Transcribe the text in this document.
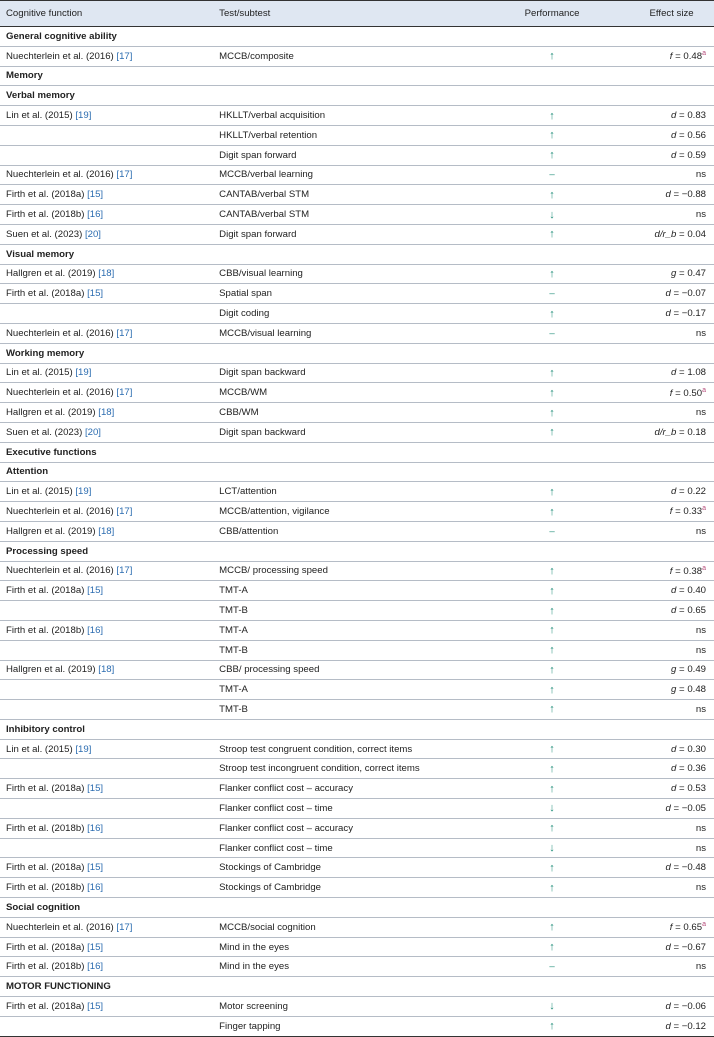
Cognitive function	Test/subtest	Performance	Effect size
General cognitive ability			
Nuechterlein et al. (2016) [17]	MCCB/composite	↑	f = 0.48$^a$
Memory			
Verbal memory			
Lin et al. (2015) [19]	HKLLT/verbal acquisition	↑	d = 0.83
	HKLLT/verbal retention	↑	d = 0.56
	Digit span forward	↑	d = 0.59
Nuechterlein et al. (2016) [17]	MCCB/verbal learning	–	ns
Firth et al. (2018a) [15]	CANTAB/verbal STM	↑	d = −0.88
Firth et al. (2018b) [16]	CANTAB/verbal STM	↓	ns
Suen et al. (2023) [20]	Digit span forward	↑	d/r_b = 0.04
Visual memory			
Hallgren et al. (2019) [18]	CBB/visual learning	↑	g = 0.47
Firth et al. (2018a) [15]	Spatial span	–	d = −0.07
	Digit coding	↑	d = −0.17
Nuechterlein et al. (2016) [17]	MCCB/visual learning	–	ns
Working memory			
Lin et al. (2015) [19]	Digit span backward	↑	d = 1.08
Nuechterlein et al. (2016) [17]	MCCB/WM	↑	f = 0.50$^a$
Hallgren et al. (2019) [18]	CBB/WM	↑	ns
Suen et al. (2023) [20]	Digit span backward	↑	d/r_b = 0.18
Executive functions			
Attention			
Lin et al. (2015) [19]	LCT/attention	↑	d = 0.22
Nuechterlein et al. (2016) [17]	MCCB/attention, vigilance	↑	f = 0.33$^a$
Hallgren et al. (2019) [18]	CBB/attention	–	ns
Processing speed			
Nuechterlein et al. (2016) [17]	MCCB/ processing speed	↑	f = 0.38$^a$
Firth et al. (2018a) [15]	TMT-A	↑	d = 0.40
	TMT-B	↑	d = 0.65
Firth et al. (2018b) [16]	TMT-A	↑	ns
	TMT-B	↑	ns
Hallgren et al. (2019) [18]	CBB/ processing speed	↑	g = 0.49
	TMT-A	↑	g = 0.48
	TMT-B	↑	ns
Inhibitory control			
Lin et al. (2015) [19]	Stroop test congruent condition, correct items	↑	d = 0.30
	Stroop test incongruent condition, correct items	↑	d = 0.36
Firth et al. (2018a) [15]	Flanker conflict cost – accuracy	↑	d = 0.53
	Flanker conflict cost – time	↓	d = −0.05
Firth et al. (2018b) [16]	Flanker conflict cost – accuracy	↑	ns
	Flanker conflict cost – time	↓	ns
Firth et al. (2018a) [15]	Stockings of Cambridge	↑	d = −0.48
Firth et al. (2018b) [16]	Stockings of Cambridge	↑	ns
Social cognition			
Nuechterlein et al. (2016) [17]	MCCB/social cognition	↑	f = 0.65$^a$
Firth et al. (2018a) [15]	Mind in the eyes	↑	d = −0.67
Firth et al. (2018b) [16]	Mind in the eyes	–	ns
MOTOR FUNCTIONING			
Firth et al. (2018a) [15]	Motor screening	↓	d = −0.06
	Finger tapping	↑	d = −0.12
